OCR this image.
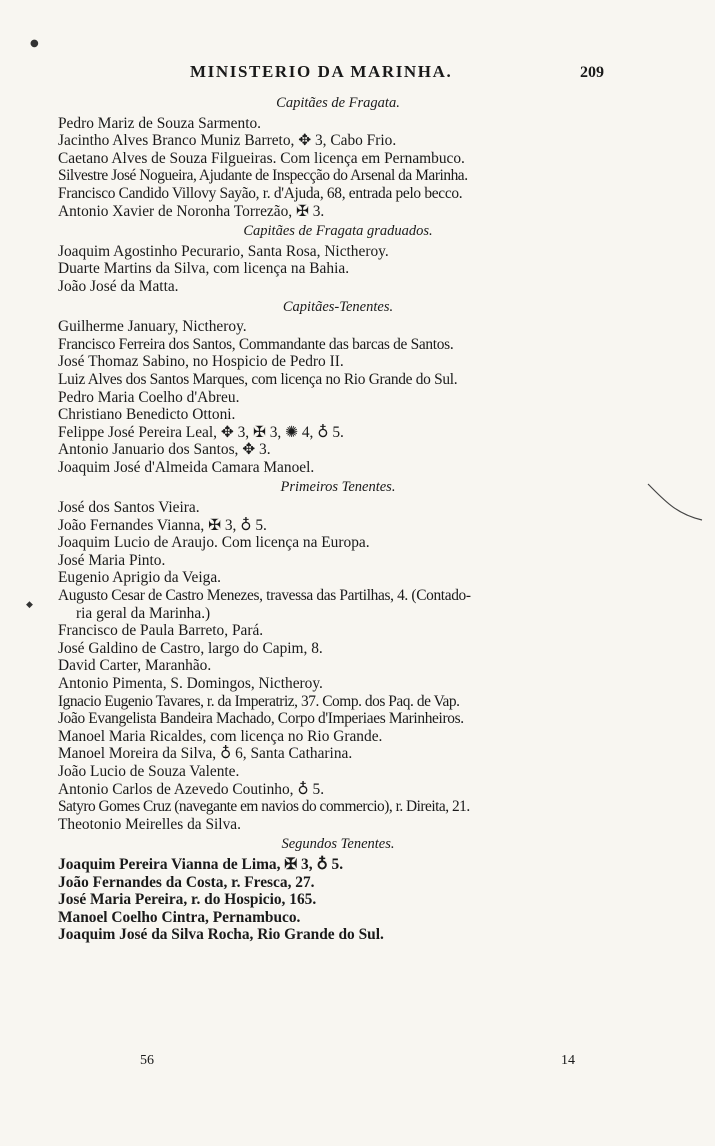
MINISTERIO DA MARINHA.	209
Capitães de Fragata.
Pedro Mariz de Souza Sarmento.
Jacintho Alves Branco Muniz Barreto, ✥ 3, Cabo Frio.
Caetano Alves de Souza Filgueiras. Com licença em Pernambuco.
Silvestre José Nogueira, Ajudante de Inspecção do Arsenal da Marinha.
Francisco Candido Villovy Sayão, r. d'Ajuda, 68, entrada pelo becco.
Antonio Xavier de Noronha Torrezão, ✠ 3.
Capitães de Fragata graduados.
Joaquim Agostinho Pecurario, Santa Rosa, Nictheroy.
Duarte Martins da Silva, com licença na Bahia.
João José da Matta.
Capitães-Tenentes.
Guilherme January, Nictheroy.
Francisco Ferreira dos Santos, Commandante das barcas de Santos.
José Thomaz Sabino, no Hospicio de Pedro II.
Luiz Alves dos Santos Marques, com licença no Rio Grande do Sul.
Pedro Maria Coelho d'Abreu.
Christiano Benedicto Ottoni.
Felippe José Pereira Leal, ✥ 3, ✠ 3, ✺ 4, ♁ 5.
Antonio Januario dos Santos, ✥ 3.
Joaquim José d'Almeida Camara Manoel.
Primeiros Tenentes.
José dos Santos Vieira.
João Fernandes Vianna, ✠ 3, ♁ 5.
Joaquim Lucio de Araujo. Com licença na Europa.
José Maria Pinto.
Eugenio Aprigio da Veiga.
Augusto Cesar de Castro Menezes, travessa das Partilhas, 4. (Contado-
ria geral da Marinha.)
Francisco de Paula Barreto, Pará.
José Galdino de Castro, largo do Capim, 8.
David Carter, Maranhão.
Antonio Pimenta, S. Domingos, Nictheroy.
Ignacio Eugenio Tavares, r. da Imperatriz, 37. Comp. dos Paq. de Vap.
João Evangelista Bandeira Machado, Corpo d'Imperiaes Marinheiros.
Manoel Maria Ricaldes, com licença no Rio Grande.
Manoel Moreira da Silva, ♁ 6, Santa Catharina.
João Lucio de Souza Valente.
Antonio Carlos de Azevedo Coutinho, ♁ 5.
Satyro Gomes Cruz (navegante em navios do commercio), r. Direita, 21.
Theotonio Meirelles da Silva.
Segundos Tenentes.
Joaquim Pereira Vianna de Lima, ✠ 3, ♁ 5.
João Fernandes da Costa, r. Fresca, 27.
José Maria Pereira, r. do Hospicio, 165.
Manoel Coelho Cintra, Pernambuco.
Joaquim José da Silva Rocha, Rio Grande do Sul.
56	14
●
◆
